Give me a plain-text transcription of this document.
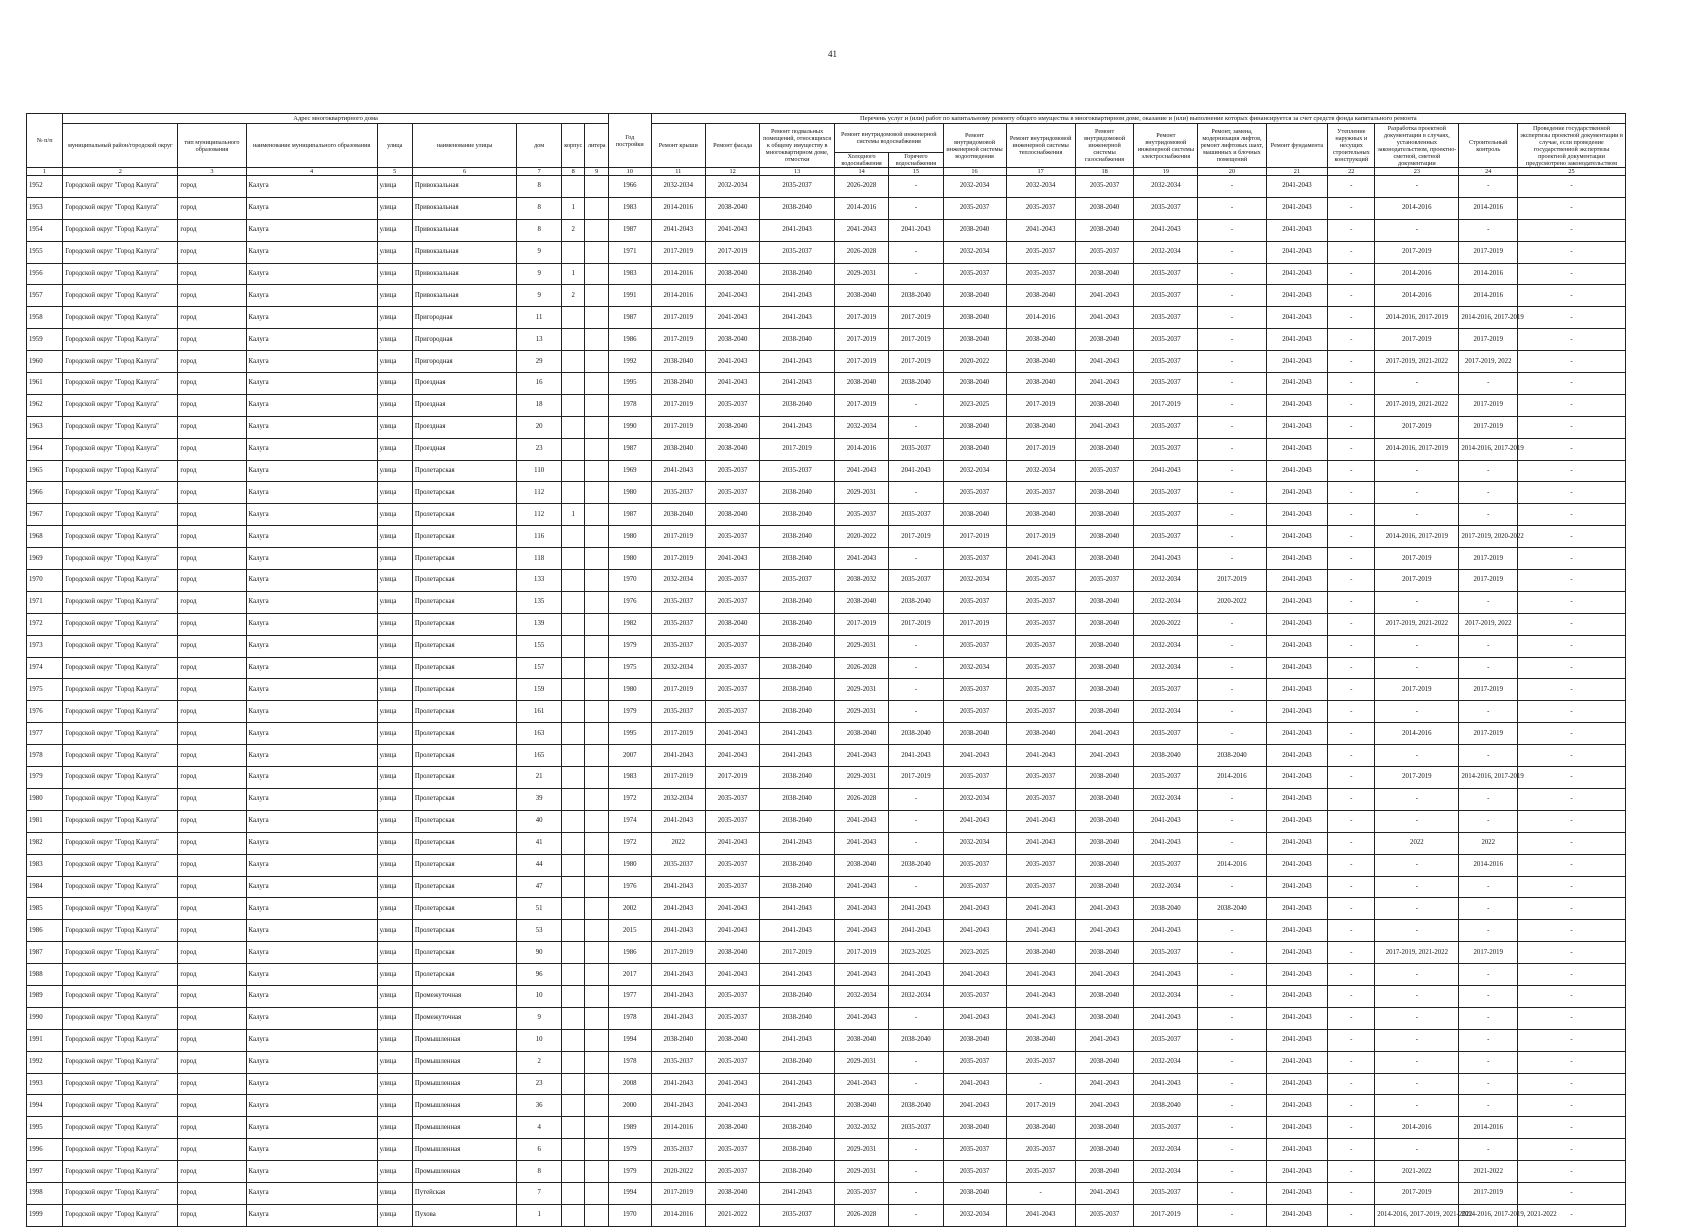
41
№ п/п	Адрес многоквартирного дома								Год постройки	Перечень услуг и (или) работ по капитальному ремонту общего имущества в многоквартирном доме, оказание и (или) выполнение которых финансируется за счет средств фонда капитального ремонта														
	муниципальный район/городской округ	тип муниципального образования	наименование муниципального образования	улица	наименование улицы	дом	корпус	литера		Ремонт крыши	Ремонт фасада	Ремонт подвальных помещений, относящихся к общему имуществу в многоквартирном доме, отмостки	Ремонт внутридомовой инженерной системы водоснабжения		Ремонт внутридомовой инженерной системы водоотведения	Ремонт внутридомовой инженерной системы теплоснабжения	Ремонт внутридомовой инженерной системы газоснабжения	Ремонт внутридомовой инженерной системы электроснабжения	Ремонт, замена, модернизация лифтов, ремонт лифтовых шахт, машинных и блочных помещений	Ремонт фундамента	Утепление наружных и несущих строительных конструкций	Разработка проектной документации в случаях, установленных законодательством, проектно-сметной, сметной документации	Строительный контроль	Проведение государственной экспертизы проектной документации в случае, если проведение государственной экспертизы проектной документации предусмотрено законодательством
													Холодного водоснабжения	Горячего водоснабжения										
1	2	3	4	5	6	7	8	9	10	11	12	13	14	15	16	17	18	19	20	21	22	23	24	25
1952	Городской округ "Город Калуга"	город	Калуга	улица	Привокзальная	8			1966	2032-2034	2032-2034	2035-2037	2026-2028	-	2032-2034	2032-2034	2035-2037	2032-2034	-	2041-2043	-	-	-	-
1953	Городской округ "Город Калуга"	город	Калуга	улица	Привокзальная	8	1		1983	2014-2016	2038-2040	2038-2040	2014-2016	-	2035-2037	2035-2037	2038-2040	2035-2037	-	2041-2043	-	2014-2016	2014-2016	-
1954	Городской округ "Город Калуга"	город	Калуга	улица	Привокзальная	8	2		1987	2041-2043	2041-2043	2041-2043	2041-2043	2041-2043	2038-2040	2041-2043	2038-2040	2041-2043	-	2041-2043	-	-	-	-
1955	Городской округ "Город Калуга"	город	Калуга	улица	Привокзальная	9			1971	2017-2019	2017-2019	2035-2037	2026-2028	-	2032-2034	2035-2037	2035-2037	2032-2034	-	2041-2043	-	2017-2019	2017-2019	-
1956	Городской округ "Город Калуга"	город	Калуга	улица	Привокзальная	9	1		1983	2014-2016	2038-2040	2038-2040	2029-2031	-	2035-2037	2035-2037	2038-2040	2035-2037	-	2041-2043	-	2014-2016	2014-2016	-
1957	Городской округ "Город Калуга"	город	Калуга	улица	Привокзальная	9	2		1991	2014-2016	2041-2043	2041-2043	2038-2040	2038-2040	2038-2040	2038-2040	2041-2043	2035-2037	-	2041-2043	-	2014-2016	2014-2016	-
1958	Городской округ "Город Калуга"	город	Калуга	улица	Пригородная	11			1987	2017-2019	2041-2043	2041-2043	2017-2019	2017-2019	2038-2040	2014-2016	2041-2043	2035-2037	-	2041-2043	-	2014-2016, 2017-2019	2014-2016, 2017-2019	-
1959	Городской округ "Город Калуга"	город	Калуга	улица	Пригородная	13			1986	2017-2019	2038-2040	2038-2040	2017-2019	2017-2019	2038-2040	2038-2040	2038-2040	2035-2037	-	2041-2043	-	2017-2019	2017-2019	-
1960	Городской округ "Город Калуга"	город	Калуга	улица	Пригородная	29			1992	2038-2040	2041-2043	2041-2043	2017-2019	2017-2019	2020-2022	2038-2040	2041-2043	2035-2037	-	2041-2043	-	2017-2019, 2021-2022	2017-2019, 2022	-
1961	Городской округ "Город Калуга"	город	Калуга	улица	Проездная	16			1995	2038-2040	2041-2043	2041-2043	2038-2040	2038-2040	2038-2040	2038-2040	2041-2043	2035-2037	-	2041-2043	-	-	-	-
1962	Городской округ "Город Калуга"	город	Калуга	улица	Проездная	18			1978	2017-2019	2035-2037	2038-2040	2017-2019	-	2023-2025	2017-2019	2038-2040	2017-2019	-	2041-2043	-	2017-2019, 2021-2022	2017-2019	-
1963	Городской округ "Город Калуга"	город	Калуга	улица	Проездная	20			1990	2017-2019	2038-2040	2041-2043	2032-2034	-	2038-2040	2038-2040	2041-2043	2035-2037	-	2041-2043	-	2017-2019	2017-2019	-
1964	Городской округ "Город Калуга"	город	Калуга	улица	Проездная	23			1987	2038-2040	2038-2040	2017-2019	2014-2016	2035-2037	2038-2040	2017-2019	2038-2040	2035-2037	-	2041-2043	-	2014-2016, 2017-2019	2014-2016, 2017-2019	-
1965	Городской округ "Город Калуга"	город	Калуга	улица	Пролетарская	110			1969	2041-2043	2035-2037	2035-2037	2041-2043	2041-2043	2032-2034	2032-2034	2035-2037	2041-2043	-	2041-2043	-	-	-	-
1966	Городской округ "Город Калуга"	город	Калуга	улица	Пролетарская	112			1980	2035-2037	2035-2037	2038-2040	2029-2031	-	2035-2037	2035-2037	2038-2040	2035-2037	-	2041-2043	-	-	-	-
1967	Городской округ "Город Калуга"	город	Калуга	улица	Пролетарская	112	1		1987	2038-2040	2038-2040	2038-2040	2035-2037	2035-2037	2038-2040	2038-2040	2038-2040	2035-2037	-	2041-2043	-	-	-	-
1968	Городской округ "Город Калуга"	город	Калуга	улица	Пролетарская	116			1980	2017-2019	2035-2037	2038-2040	2020-2022	2017-2019	2017-2019	2017-2019	2038-2040	2035-2037	-	2041-2043	-	2014-2016, 2017-2019	2017-2019, 2020-2022	-
1969	Городской округ "Город Калуга"	город	Калуга	улица	Пролетарская	118			1980	2017-2019	2041-2043	2038-2040	2041-2043	-	2035-2037	2041-2043	2038-2040	2041-2043	-	2041-2043	-	2017-2019	2017-2019	-
1970	Городской округ "Город Калуга"	город	Калуга	улица	Пролетарская	133			1970	2032-2034	2035-2037	2035-2037	2038-2032	2035-2037	2032-2034	2035-2037	2035-2037	2032-2034	2017-2019	2041-2043	-	2017-2019	2017-2019	-
1971	Городской округ "Город Калуга"	город	Калуга	улица	Пролетарская	135			1976	2035-2037	2035-2037	2038-2040	2038-2040	2038-2040	2035-2037	2035-2037	2038-2040	2032-2034	2020-2022	2041-2043	-	-	-	-
1972	Городской округ "Город Калуга"	город	Калуга	улица	Пролетарская	139			1982	2035-2037	2038-2040	2038-2040	2017-2019	2017-2019	2017-2019	2035-2037	2038-2040	2020-2022	-	2041-2043	-	2017-2019, 2021-2022	2017-2019, 2022	-
1973	Городской округ "Город Калуга"	город	Калуга	улица	Пролетарская	155			1979	2035-2037	2035-2037	2038-2040	2029-2031	-	2035-2037	2035-2037	2038-2040	2032-2034	-	2041-2043	-	-	-	-
1974	Городской округ "Город Калуга"	город	Калуга	улица	Пролетарская	157			1975	2032-2034	2035-2037	2038-2040	2026-2028	-	2032-2034	2035-2037	2038-2040	2032-2034	-	2041-2043	-	-	-	-
1975	Городской округ "Город Калуга"	город	Калуга	улица	Пролетарская	159			1980	2017-2019	2035-2037	2038-2040	2029-2031	-	2035-2037	2035-2037	2038-2040	2035-2037	-	2041-2043	-	2017-2019	2017-2019	-
1976	Городской округ "Город Калуга"	город	Калуга	улица	Пролетарская	161			1979	2035-2037	2035-2037	2038-2040	2029-2031	-	2035-2037	2035-2037	2038-2040	2032-2034	-	2041-2043	-	-	-	-
1977	Городской округ "Город Калуга"	город	Калуга	улица	Пролетарская	163			1995	2017-2019	2041-2043	2041-2043	2038-2040	2038-2040	2038-2040	2038-2040	2041-2043	2035-2037	-	2041-2043	-	2014-2016	2017-2019	-
1978	Городской округ "Город Калуга"	город	Калуга	улица	Пролетарская	165			2007	2041-2043	2041-2043	2041-2043	2041-2043	2041-2043	2041-2043	2041-2043	2041-2043	2038-2040	2038-2040	2041-2043	-	-	-	-
1979	Городской округ "Город Калуга"	город	Калуга	улица	Пролетарская	21			1983	2017-2019	2017-2019	2038-2040	2029-2031	2017-2019	2035-2037	2035-2037	2038-2040	2035-2037	2014-2016	2041-2043	-	2017-2019	2014-2016, 2017-2019	-
1980	Городской округ "Город Калуга"	город	Калуга	улица	Пролетарская	39			1972	2032-2034	2035-2037	2038-2040	2026-2028	-	2032-2034	2035-2037	2038-2040	2032-2034	-	2041-2043	-	-	-	-
1981	Городской округ "Город Калуга"	город	Калуга	улица	Пролетарская	40			1974	2041-2043	2035-2037	2038-2040	2041-2043	-	2041-2043	2041-2043	2038-2040	2041-2043	-	2041-2043	-	-	-	-
1982	Городской округ "Город Калуга"	город	Калуга	улица	Пролетарская	41			1972	2022	2041-2043	2041-2043	2041-2043	-	2032-2034	2041-2043	2038-2040	2041-2043	-	2041-2043	-	2022	2022	-
1983	Городской округ "Город Калуга"	город	Калуга	улица	Пролетарская	44			1980	2035-2037	2035-2037	2038-2040	2038-2040	2038-2040	2035-2037	2035-2037	2038-2040	2035-2037	2014-2016	2041-2043	-	-	2014-2016	-
1984	Городской округ "Город Калуга"	город	Калуга	улица	Пролетарская	47			1976	2041-2043	2035-2037	2038-2040	2041-2043	-	2035-2037	2035-2037	2038-2040	2032-2034	-	2041-2043	-	-	-	-
1985	Городской округ "Город Калуга"	город	Калуга	улица	Пролетарская	51			2002	2041-2043	2041-2043	2041-2043	2041-2043	2041-2043	2041-2043	2041-2043	2041-2043	2038-2040	2038-2040	2041-2043	-	-	-	-
1986	Городской округ "Город Калуга"	город	Калуга	улица	Пролетарская	53			2015	2041-2043	2041-2043	2041-2043	2041-2043	2041-2043	2041-2043	2041-2043	2041-2043	2041-2043	-	2041-2043	-	-	-	-
1987	Городской округ "Город Калуга"	город	Калуга	улица	Пролетарская	90			1986	2017-2019	2038-2040	2017-2019	2017-2019	2023-2025	2023-2025	2038-2040	2038-2040	2035-2037	-	2041-2043	-	2017-2019, 2021-2022	2017-2019	-
1988	Городской округ "Город Калуга"	город	Калуга	улица	Пролетарская	96			2017	2041-2043	2041-2043	2041-2043	2041-2043	2041-2043	2041-2043	2041-2043	2041-2043	2041-2043	-	2041-2043	-	-	-	-
1989	Городской округ "Город Калуга"	город	Калуга	улица	Промежуточная	10			1977	2041-2043	2035-2037	2038-2040	2032-2034	2032-2034	2035-2037	2041-2043	2038-2040	2032-2034	-	2041-2043	-	-	-	-
1990	Городской округ "Город Калуга"	город	Калуга	улица	Промежуточная	9			1978	2041-2043	2035-2037	2038-2040	2041-2043	-	2041-2043	2041-2043	2038-2040	2041-2043	-	2041-2043	-	-	-	-
1991	Городской округ "Город Калуга"	город	Калуга	улица	Промышленная	10			1994	2038-2040	2038-2040	2041-2043	2038-2040	2038-2040	2038-2040	2038-2040	2041-2043	2035-2037	-	2041-2043	-	-	-	-
1992	Городской округ "Город Калуга"	город	Калуга	улица	Промышленная	2			1978	2035-2037	2035-2037	2038-2040	2029-2031	-	2035-2037	2035-2037	2038-2040	2032-2034	-	2041-2043	-	-	-	-
1993	Городской округ "Город Калуга"	город	Калуга	улица	Промышленная	23			2008	2041-2043	2041-2043	2041-2043	2041-2043	-	2041-2043	-	2041-2043	2041-2043	-	2041-2043	-	-	-	-
1994	Городской округ "Город Калуга"	город	Калуга	улица	Промышленная	36			2000	2041-2043	2041-2043	2041-2043	2038-2040	2038-2040	2041-2043	2017-2019	2041-2043	2038-2040	-	2041-2043	-	-	-	-
1995	Городской округ "Город Калуга"	город	Калуга	улица	Промышленная	4			1989	2014-2016	2038-2040	2038-2040	2032-2032	2035-2037	2038-2040	2038-2040	2038-2040	2035-2037	-	2041-2043	-	2014-2016	2014-2016	-
1996	Городской округ "Город Калуга"	город	Калуга	улица	Промышленная	6			1979	2035-2037	2035-2037	2038-2040	2029-2031	-	2035-2037	2035-2037	2038-2040	2032-2034	-	2041-2043	-	-	-	-
1997	Городской округ "Город Калуга"	город	Калуга	улица	Промышленная	8			1979	2020-2022	2035-2037	2038-2040	2029-2031	-	2035-2037	2035-2037	2038-2040	2032-2034	-	2041-2043	-	2021-2022	2021-2022	-
1998	Городской округ "Город Калуга"	город	Калуга	улица	Путейская	7			1994	2017-2019	2038-2040	2041-2043	2035-2037	-	2038-2040	-	2041-2043	2035-2037	-	2041-2043	-	2017-2019	2017-2019	-
1999	Городской округ "Город Калуга"	город	Калуга	улица	Пухова	1			1970	2014-2016	2021-2022	2035-2037	2026-2028	-	2032-2034	2041-2043	2035-2037	2017-2019	-	2041-2043	-	2014-2016, 2017-2019, 2021-2022	2014-2016, 2017-2019, 2021-2022	-
